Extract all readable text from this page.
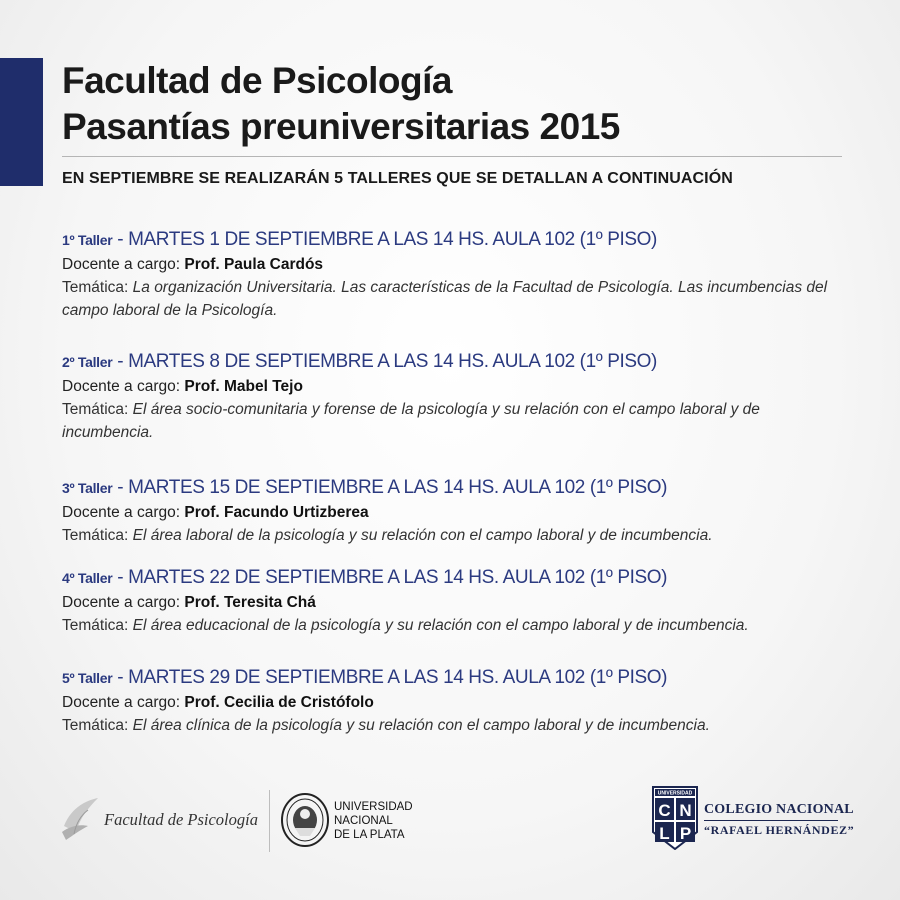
Facultad de Psicología
Pasantías preuniversitarias 2015
EN SEPTIEMBRE SE REALIZARÁN 5 TALLERES QUE SE DETALLAN A CONTINUACIÓN
1º Taller - MARTES 1 DE SEPTIEMBRE A LAS 14 HS. AULA 102 (1º PISO)
Docente a cargo: Prof. Paula Cardós
Temática: La organización Universitaria. Las características de la Facultad de Psicología. Las incumbencias del campo laboral de la Psicología.
2º Taller - MARTES 8 DE SEPTIEMBRE A LAS 14 HS. AULA 102 (1º PISO)
Docente a cargo: Prof. Mabel Tejo
Temática: El área socio-comunitaria y forense de la psicología y su relación con el campo laboral y de incumbencia.
3º Taller - MARTES 15 DE SEPTIEMBRE A LAS 14 HS. AULA 102 (1º PISO)
Docente a cargo: Prof. Facundo Urtizberea
Temática: El área laboral de la psicología y su relación con el campo laboral y de incumbencia.
4º Taller - MARTES 22 DE SEPTIEMBRE A LAS 14 HS. AULA 102 (1º PISO)
Docente a cargo: Prof. Teresita Chá
Temática: El área educacional de la psicología y su relación con el campo laboral y de incumbencia.
5º Taller - MARTES 29 DE SEPTIEMBRE A LAS 14 HS. AULA 102 (1º PISO)
Docente a cargo: Prof. Cecilia de Cristófolo
Temática: El área clínica de la psicología y su relación con el campo laboral y de incumbencia.
Facultad de Psicología
UNIVERSIDAD
NACIONAL
DE LA PLATA
UNIVERSIDAD
C N
L P
COLEGIO NACIONAL
“RAFAEL HERNÁNDEZ”
